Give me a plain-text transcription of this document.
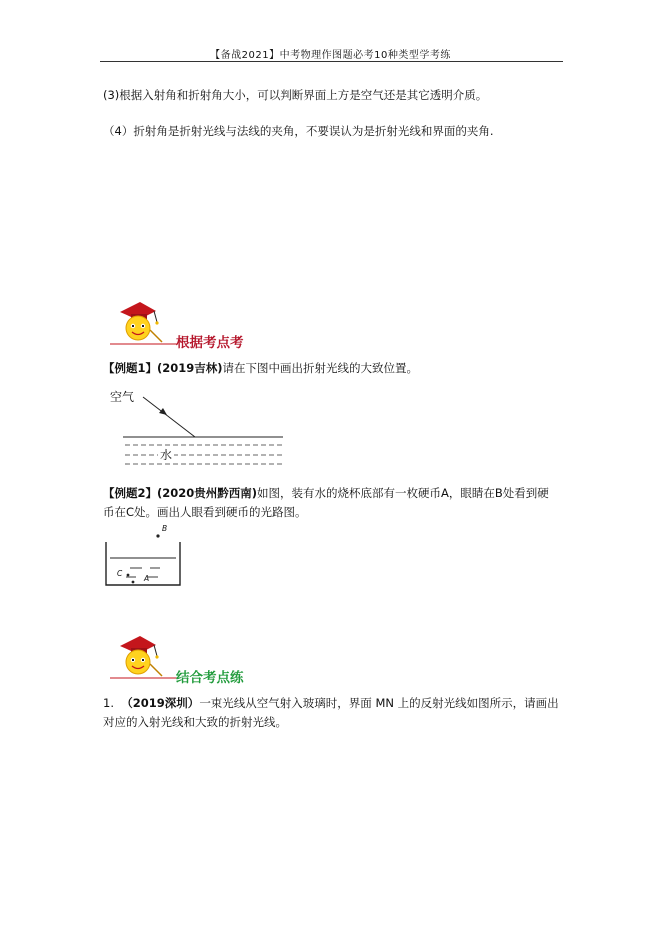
【备战2021】中考物理作图题必考10种类型学考练
(3)根据入射角和折射角大小，可以判断界面上方是空气还是其它透明介质。
（4）折射角是折射光线与法线的夹角，不要误认为是折射光线和界面的夹角.
根据考点考
【例题1】(2019吉林)请在下图中画出折射光线的大致位置。
空气
水
【例题2】(2020贵州黔西南)如图，装有水的烧杯底部有一枚硬币A，眼睛在B处看到硬
币在C处。画出人眼看到硬币的光路图。
B
C
A
结合考点练
1. （2019深圳）一束光线从空气射入玻璃时，界面 MN 上的反射光线如图所示，请画出
对应的入射光线和大致的折射光线。
